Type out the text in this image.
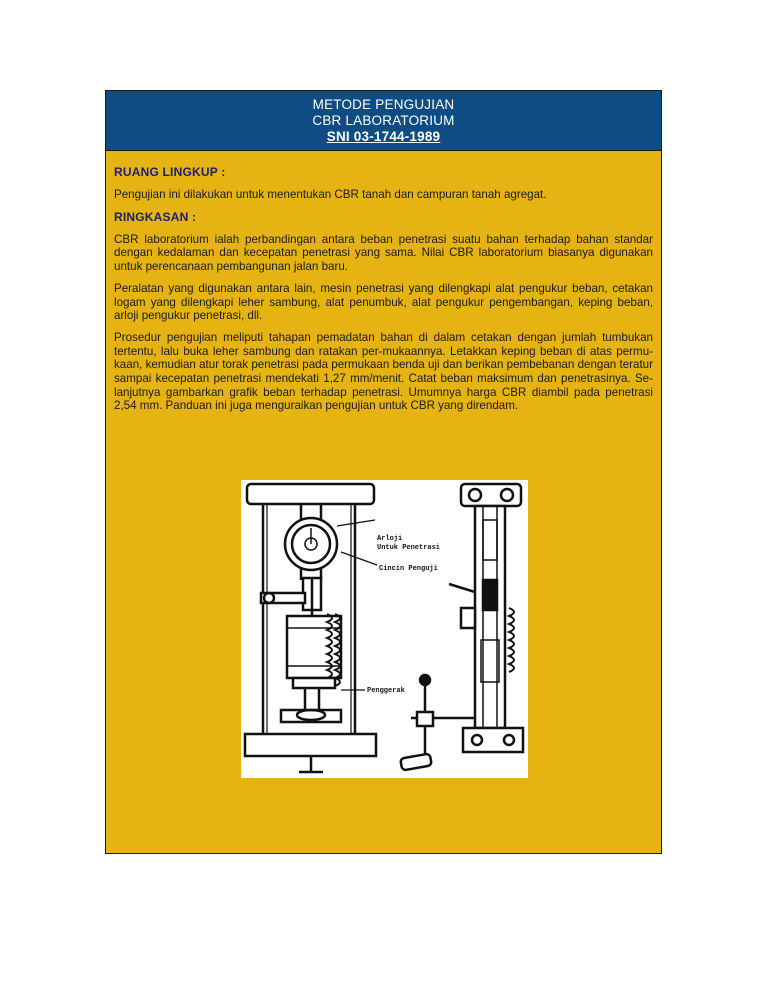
METODE PENGUJIAN
CBR LABORATORIUM
SNI 03-1744-1989
RUANG LINGKUP :

Pengujian ini dilakukan untuk menentukan CBR tanah dan campuran tanah agregat.

RINGKASAN :

CBR laboratorium ialah perbandingan antara beban penetrasi suatu bahan terhadap bahan standar dengan kedalaman dan kecepatan penetrasi yang sama. Nilai CBR laboratorium biasanya digunakan untuk perencanaan pembangunan jalan baru.

Peralatan yang digunakan antara lain, mesin penetrasi yang dilengkapi alat pengukur beban, cetakan logam yang dilengkapi leher sambung, alat penumbuk, alat pengukur pengembangan, keping beban, arloji pengukur penetrasi, dll.

Prosedur pengujian meliputi tahapan pemadatan bahan di dalam cetakan dengan jumlah tumbukan tertentu, lalu buka leher sambung dan ratakan per-mukaannya. Letakkan keping beban di atas permu-kaan, kemudian atur torak penetrasi pada permukaan benda uji dan berikan pembebanan dengan teratur sampai kecepatan penetrasi mendekati 1,27 mm/menit. Catat beban maksimum dan penetrasinya. Se-lanjutnya gambarkan grafik beban terhadap penetrasi. Umumnya harga CBR diambil pada penetrasi 2,54 mm. Panduan ini juga menguraikan pengujian untuk CBR yang direndam.

Arloji
Untuk Penetrasi
Cincin Penguji
Penggerak
